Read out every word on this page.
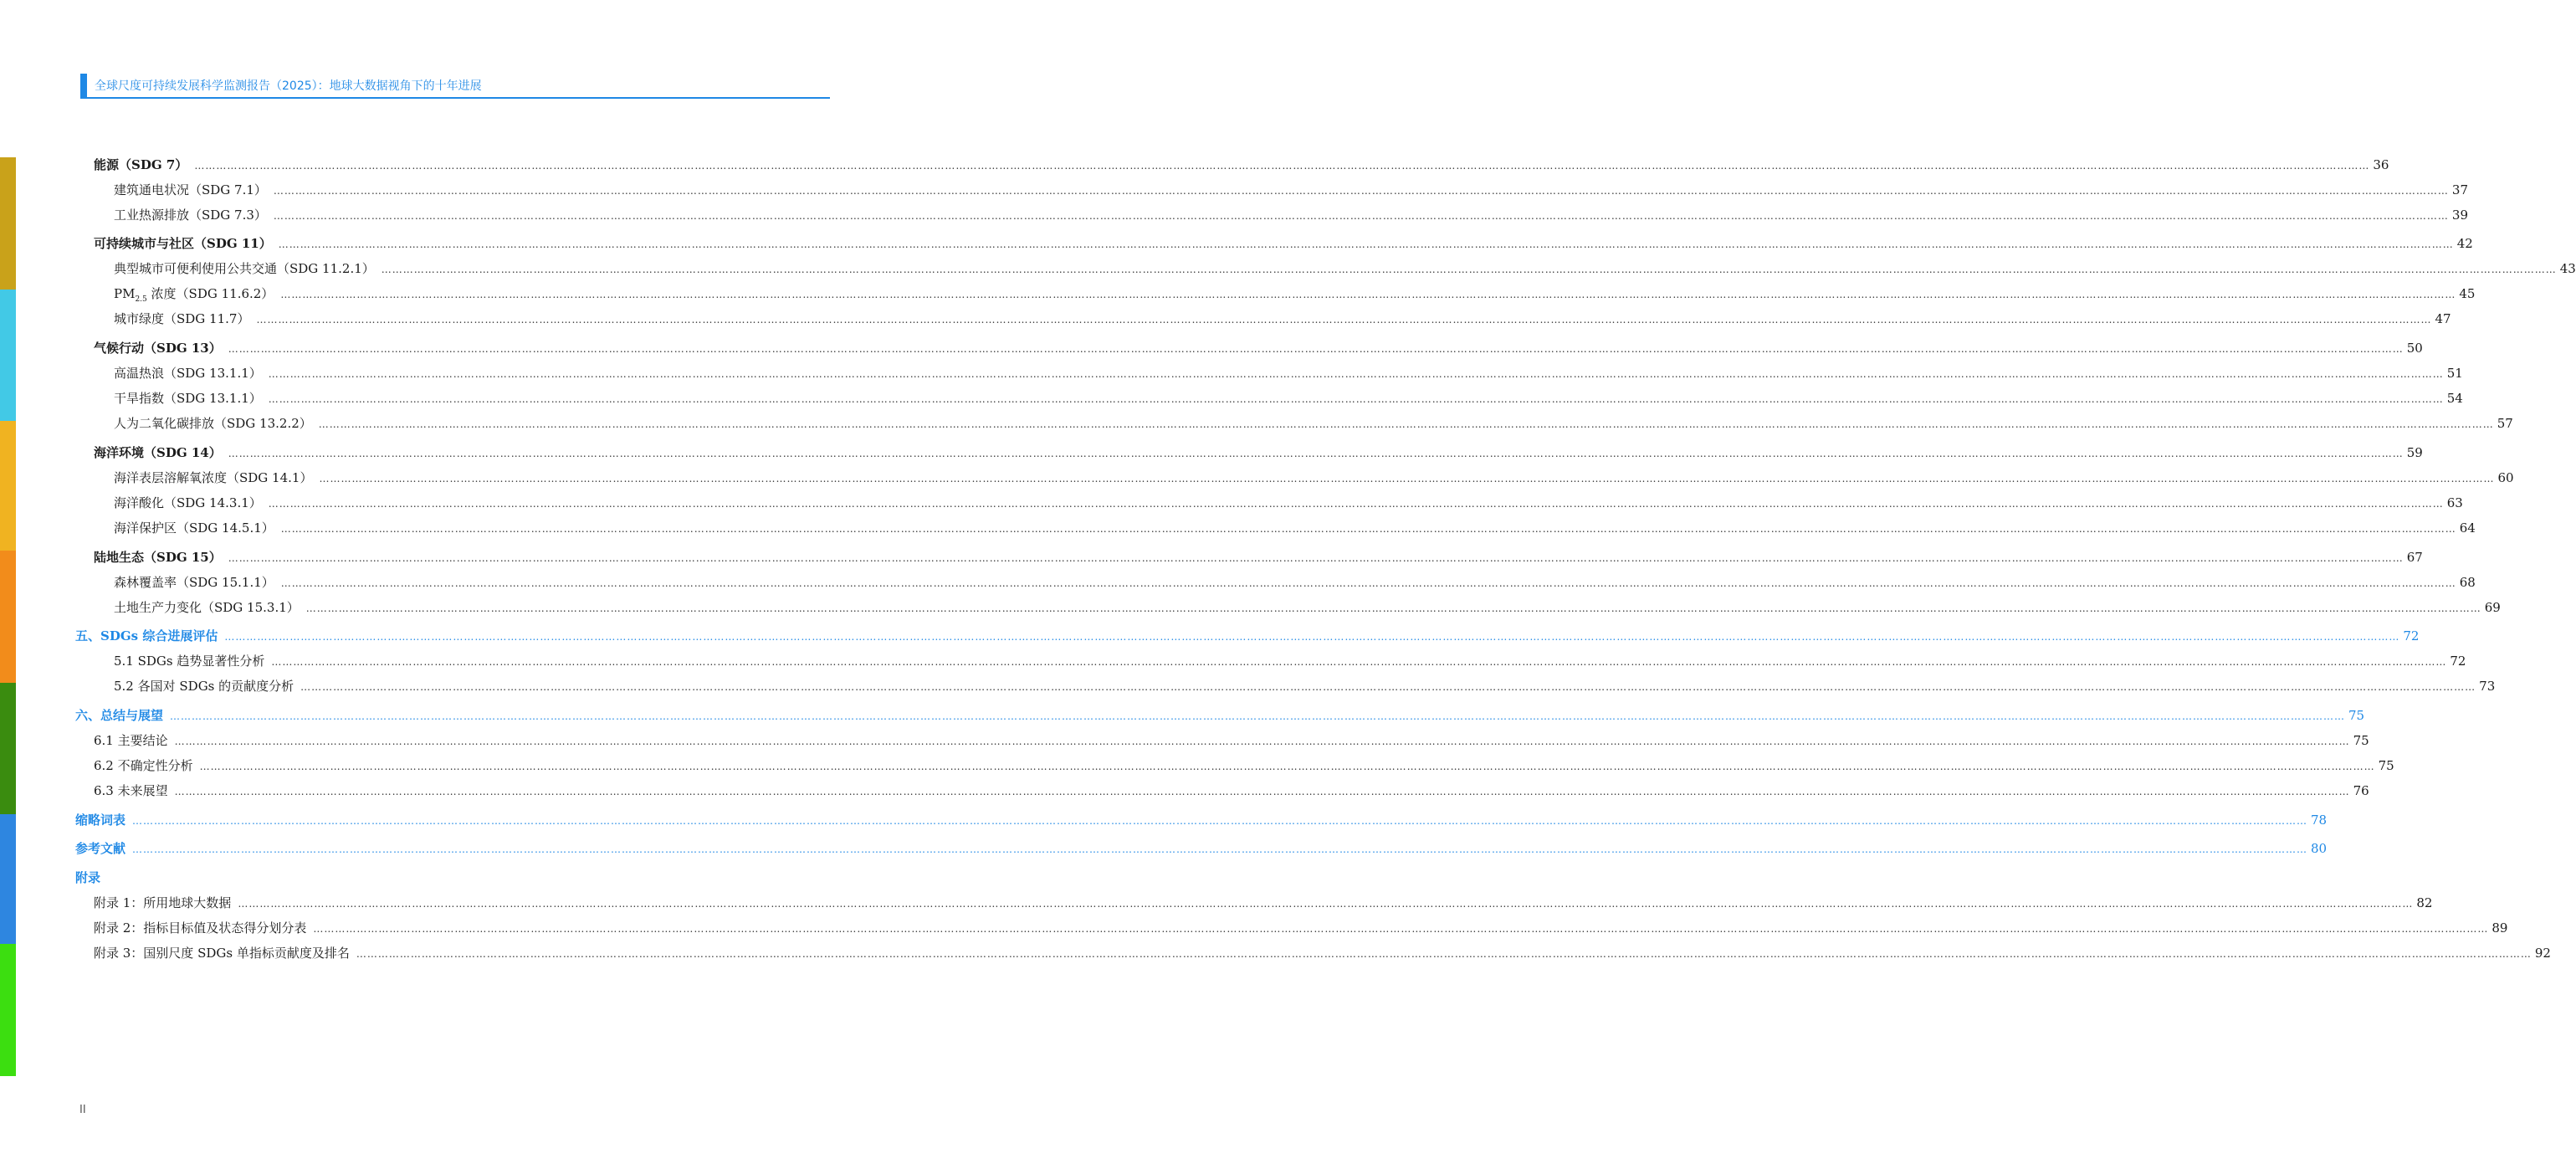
全球尺度可持续发展科学监测报告（2025）：地球大数据视角下的十年进展
能源（SDG 7） …………………………………………………………………………………………………………………………………………………………………………………………………………………………………………………………………………………………………………………………………………………………………………………………………………………………………………………………………………………………………………………………………………………… 36
建筑通电状况（SDG 7.1） …………………………………………………………………………………………………………………………………………………………………………………………………………………………………………………………………………………………………………………………………………………………………………………………………………………………………………………………………………………………………………………………………………………… 37
工业热源排放（SDG 7.3） …………………………………………………………………………………………………………………………………………………………………………………………………………………………………………………………………………………………………………………………………………………………………………………………………………………………………………………………………………………………………………………………………………………… 39
可持续城市与社区（SDG 11） …………………………………………………………………………………………………………………………………………………………………………………………………………………………………………………………………………………………………………………………………………………………………………………………………………………………………………………………………………………………………………………………………………………… 42
典型城市可便利使用公共交通（SDG 11.2.1） …………………………………………………………………………………………………………………………………………………………………………………………………………………………………………………………………………………………………………………………………………………………………………………………………………………………………………………………………………………………………………………………………………………… 43
$PM_{2.5}$ 浓度（SDG 11.6.2） …………………………………………………………………………………………………………………………………………………………………………………………………………………………………………………………………………………………………………………………………………………………………………………………………………………………………………………………………………………………………………………………………………………… 45
城市绿度（SDG 11.7） …………………………………………………………………………………………………………………………………………………………………………………………………………………………………………………………………………………………………………………………………………………………………………………………………………………………………………………………………………………………………………………………………………………… 47
气候行动（SDG 13） …………………………………………………………………………………………………………………………………………………………………………………………………………………………………………………………………………………………………………………………………………………………………………………………………………………………………………………………………………………………………………………………………………………… 50
高温热浪（SDG 13.1.1） …………………………………………………………………………………………………………………………………………………………………………………………………………………………………………………………………………………………………………………………………………………………………………………………………………………………………………………………………………………………………………………………………………………… 51
干旱指数（SDG 13.1.1） …………………………………………………………………………………………………………………………………………………………………………………………………………………………………………………………………………………………………………………………………………………………………………………………………………………………………………………………………………………………………………………………………………………… 54
人为二氧化碳排放（SDG 13.2.2） …………………………………………………………………………………………………………………………………………………………………………………………………………………………………………………………………………………………………………………………………………………………………………………………………………………………………………………………………………………………………………………………………………………… 57
海洋环境（SDG 14） …………………………………………………………………………………………………………………………………………………………………………………………………………………………………………………………………………………………………………………………………………………………………………………………………………………………………………………………………………………………………………………………………………………… 59
海洋表层溶解氧浓度（SDG 14.1） …………………………………………………………………………………………………………………………………………………………………………………………………………………………………………………………………………………………………………………………………………………………………………………………………………………………………………………………………………………………………………………………………………………… 60
海洋酸化（SDG 14.3.1） …………………………………………………………………………………………………………………………………………………………………………………………………………………………………………………………………………………………………………………………………………………………………………………………………………………………………………………………………………………………………………………………………………………… 63
海洋保护区（SDG 14.5.1） …………………………………………………………………………………………………………………………………………………………………………………………………………………………………………………………………………………………………………………………………………………………………………………………………………………………………………………………………………………………………………………………………………………… 64
陆地生态（SDG 15） …………………………………………………………………………………………………………………………………………………………………………………………………………………………………………………………………………………………………………………………………………………………………………………………………………………………………………………………………………………………………………………………………………………… 67
森林覆盖率（SDG 15.1.1） …………………………………………………………………………………………………………………………………………………………………………………………………………………………………………………………………………………………………………………………………………………………………………………………………………………………………………………………………………………………………………………………………………………… 68
土地生产力变化（SDG 15.3.1） …………………………………………………………………………………………………………………………………………………………………………………………………………………………………………………………………………………………………………………………………………………………………………………………………………………………………………………………………………………………………………………………………………………… 69
五、SDGs 综合进展评估 …………………………………………………………………………………………………………………………………………………………………………………………………………………………………………………………………………………………………………………………………………………………………………………………………………………………………………………………………………………………………………………………………………………… 72
5.1 SDGs 趋势显著性分析 …………………………………………………………………………………………………………………………………………………………………………………………………………………………………………………………………………………………………………………………………………………………………………………………………………………………………………………………………………………………………………………………………………………… 72
5.2 各国对 SDGs 的贡献度分析 …………………………………………………………………………………………………………………………………………………………………………………………………………………………………………………………………………………………………………………………………………………………………………………………………………………………………………………………………………………………………………………………………………………… 73
六、总结与展望 …………………………………………………………………………………………………………………………………………………………………………………………………………………………………………………………………………………………………………………………………………………………………………………………………………………………………………………………………………………………………………………………………………………… 75
6.1 主要结论 …………………………………………………………………………………………………………………………………………………………………………………………………………………………………………………………………………………………………………………………………………………………………………………………………………………………………………………………………………………………………………………………………………………… 75
6.2 不确定性分析 …………………………………………………………………………………………………………………………………………………………………………………………………………………………………………………………………………………………………………………………………………………………………………………………………………………………………………………………………………………………………………………………………………………… 75
6.3 未来展望 …………………………………………………………………………………………………………………………………………………………………………………………………………………………………………………………………………………………………………………………………………………………………………………………………………………………………………………………………………………………………………………………………………………… 76
缩略词表 …………………………………………………………………………………………………………………………………………………………………………………………………………………………………………………………………………………………………………………………………………………………………………………………………………………………………………………………………………………………………………………………………………………… 78
参考文献 …………………………………………………………………………………………………………………………………………………………………………………………………………………………………………………………………………………………………………………………………………………………………………………………………………………………………………………………………………………………………………………………………………………… 80
附录
附录 1：所用地球大数据 …………………………………………………………………………………………………………………………………………………………………………………………………………………………………………………………………………………………………………………………………………………………………………………………………………………………………………………………………………………………………………………………………………………… 82
附录 2：指标目标值及状态得分划分表 …………………………………………………………………………………………………………………………………………………………………………………………………………………………………………………………………………………………………………………………………………………………………………………………………………………………………………………………………………………………………………………………………………………… 89
附录 3：国别尺度 SDGs 单指标贡献度及排名 …………………………………………………………………………………………………………………………………………………………………………………………………………………………………………………………………………………………………………………………………………………………………………………………………………………………………………………………………………………………………………………………………………………… 92
II
